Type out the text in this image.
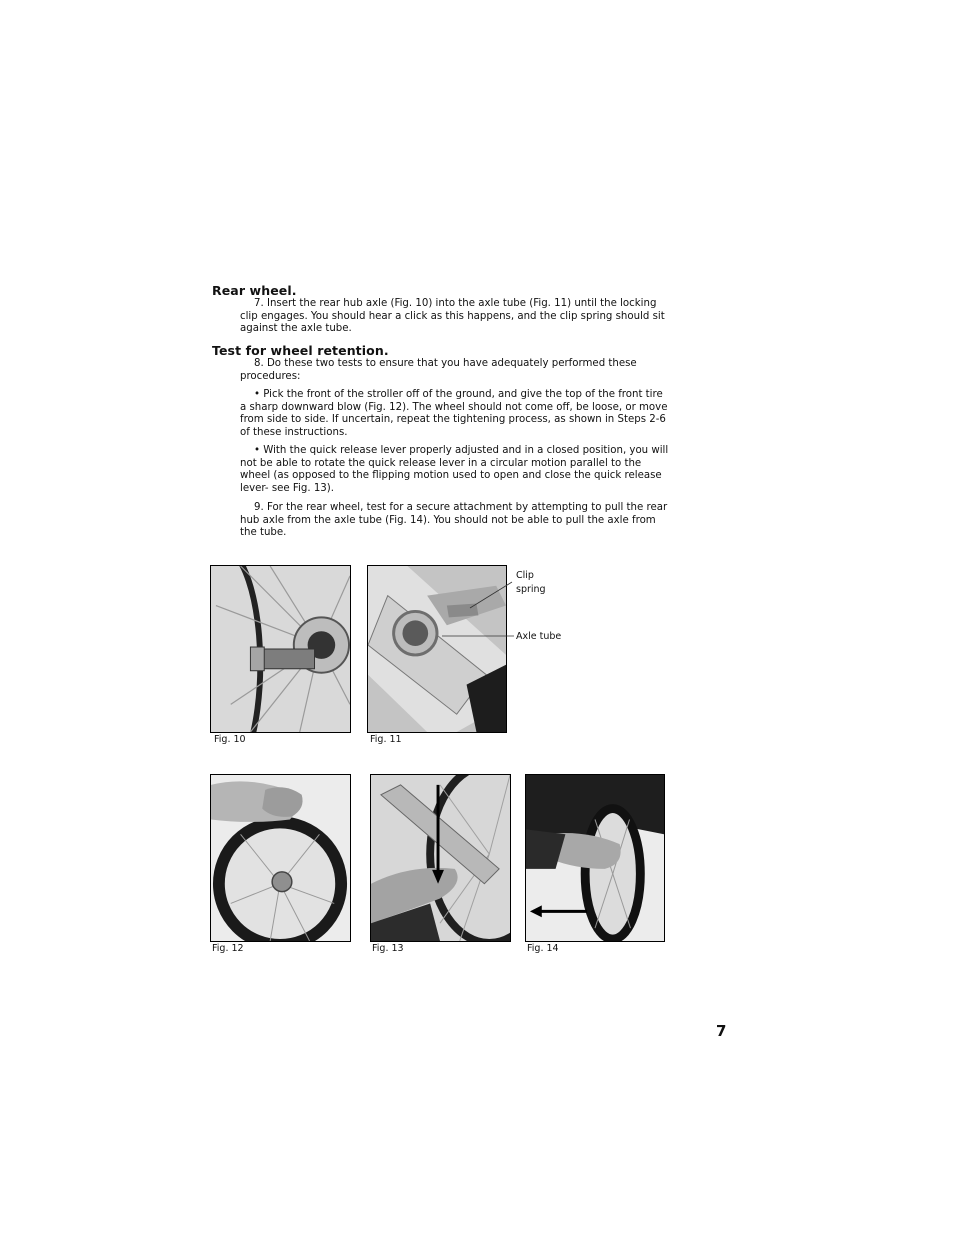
Rear wheel.

7. Insert the rear hub axle (Fig. 10) into the axle tube (Fig. 11) until the locking clip engages. You should hear a click as this happens, and the clip spring should sit against the axle tube.

Test for wheel retention.

8. Do these two tests to ensure that you have adequately performed these procedures:

• Pick the front of the stroller off of the ground, and give the top of the front tire a sharp downward blow (Fig. 12). The wheel should not come off, be loose, or move from side to side. If uncertain, repeat the tightening process, as shown in Steps 2-6 of these instructions.

• With the quick release lever properly adjusted and in a closed position, you will not be able to rotate the quick release lever in a circular motion parallel to the wheel (as opposed to the flipping motion used to open and close the quick release lever- see Fig. 13).

9. For the rear wheel, test for a secure attachment by attempting to pull the rear hub axle from the axle tube (Fig. 14). You should not be able to pull the axle from the tube.

Fig. 10	Fig. 11

Clip
spring

Axle tube

Fig. 12	Fig. 13	Fig. 14

7
